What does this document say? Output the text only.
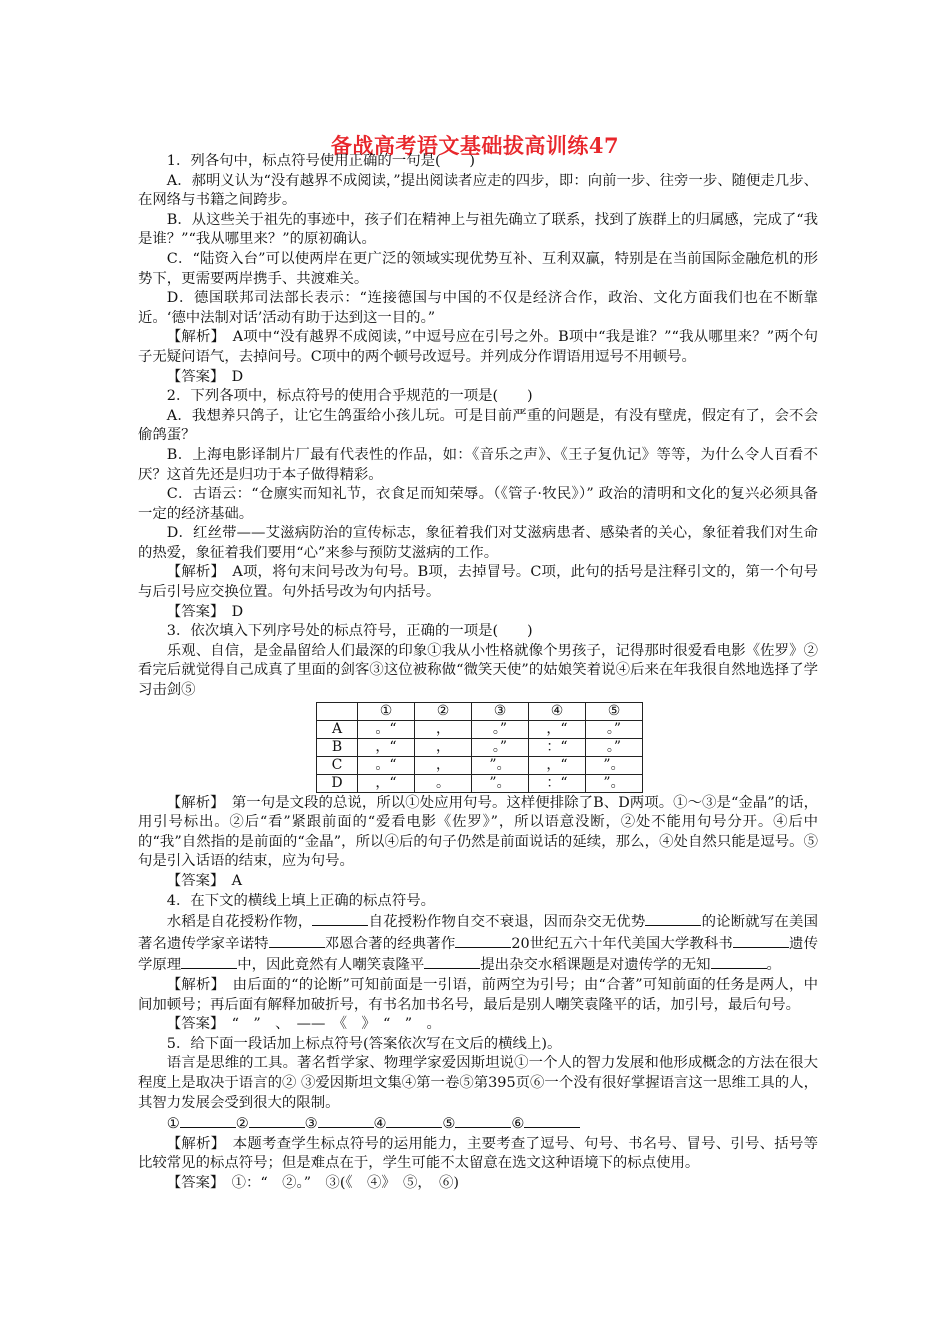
备战高考语文基础拔高训练47

1．列各句中，标点符号使用正确的一句是(　　)

A．郝明义认为“没有越界不成阅读，”提出阅读者应走的四步，即：向前一步、往旁一步、随便走几步、在网络与书籍之间跨步。

B．从这些关于祖先的事迹中，孩子们在精神上与祖先确立了联系，找到了族群上的归属感，完成了“我是谁？”“我从哪里来？”的原初确认。

C．“陆资入台”可以使两岸在更广泛的领域实现优势互补、互利双赢，特别是在当前国际金融危机的形势下，更需要两岸携手、共渡难关。

D．德国联邦司法部长表示：“连接德国与中国的不仅是经济合作，政治、文化方面我们也在不断靠近。‘德中法制对话’活动有助于达到这一目的。”

【解析】　 A项中“没有越界不成阅读，”中逗号应在引号之外。B项中“我是谁？”“我从哪里来？”两个句子无疑问语气，去掉问号。C项中的两个顿号改逗号。并列成分作谓语用逗号不用顿号。

【答案】　 D

2．下列各项中，标点符号的使用合乎规范的一项是(　　)

A．我想养只鸽子，让它生鸽蛋给小孩儿玩。可是目前严重的问题是，有没有壁虎，假定有了，会不会偷鸽蛋？

B．上海电影译制片厂最有代表性的作品，如：《音乐之声》、《王子复仇记》等等，为什么令人百看不厌？这首先还是归功于本子做得精彩。

C．古语云：“仓廪实而知礼节，衣食足而知荣辱。（《管子·牧民》）” 政治的清明和文化的复兴必须具备一定的经济基础。

D．红丝带——艾滋病防治的宣传标志，象征着我们对艾滋病患者、感染者的关心，象征着我们对生命的热爱，象征着我们要用“心”来参与预防艾滋病的工作。

【解析】　 A项，将句末问号改为句号。B项，去掉冒号。C项，此句的括号是注释引文的，第一个句号与后引号应交换位置。句外括号改为句内括号。

【答案】　 D

3．依次填入下列序号处的标点符号，正确的一项是(　　)

乐观、自信，是金晶留给人们最深的印象①我从小性格就像个男孩子，记得那时很爱看电影《佐罗》②看完后就觉得自己成真了里面的剑客③这位被称做“微笑天使”的姑娘笑着说④后来在年我很自然地选择了学习击剑⑤

	①	②	③	④	⑤
A	。“	，	。”	，“	。”
B	，“	，	。”	：“	。”
C	。“	，	”。	，“	”。
D	，“	。	”。	：“	”。

【解析】　 第一句是文段的总说，所以①处应用句号。这样便排除了B、D两项。①～③是“金晶”的话，用引号标出。②后“看”紧跟前面的“爱看电影《佐罗》”，所以语意没断，②处不能用句号分开。④后中的“我”自然指的是前面的“金晶”，所以④后的句子仍然是前面说话的延续，那么，④处自然只能是逗号。⑤句是引入话语的结束，应为句号。

【答案】　 A

4．在下文的横线上填上正确的标点符号。

水稻是自花授粉作物，	自花授粉作物自交不衰退，因而杂交无优势	的论断就写在美国著名遗传学家辛诺特	邓恩合著的经典著作	20世纪五六十年代美国大学教科书	遗传学原理	中，因此竟然有人嘲笑袁隆平	提出杂交水稻课题是对遗传学的无知	。

【解析】　 由后面的“的论断”可知前面是一引语，前两空为引号；由“合著”可知前面的任务是两人，中间加顿号；再后面有解释加破折号，有书名加书名号，最后是别人嘲笑袁隆平的话，加引号，最后句号。

【答案】　 “　”　、　——　《　》　“　”　。

5．给下面一段话加上标点符号(答案依次写在文后的横线上)。

语言是思维的工具。著名哲学家、物理学家爱因斯坦说①一个人的智力发展和他形成概念的方法在很大程度上是取决于语言的② ③爱因斯坦文集④第一卷⑤第395页⑥一个没有很好掌握语言这一思维工具的人，其智力发展会受到很大的限制。

①	②	③	④	⑤	⑥

【解析】　 本题考查学生标点符号的运用能力，主要考查了逗号、句号、书名号、冒号、引号、括号等比较常见的标点符号；但是难点在于，学生可能不太留意在选文这种语境下的标点使用。

【答案】　 ①：“　②。”　③(《　④》　⑤，　⑥)
